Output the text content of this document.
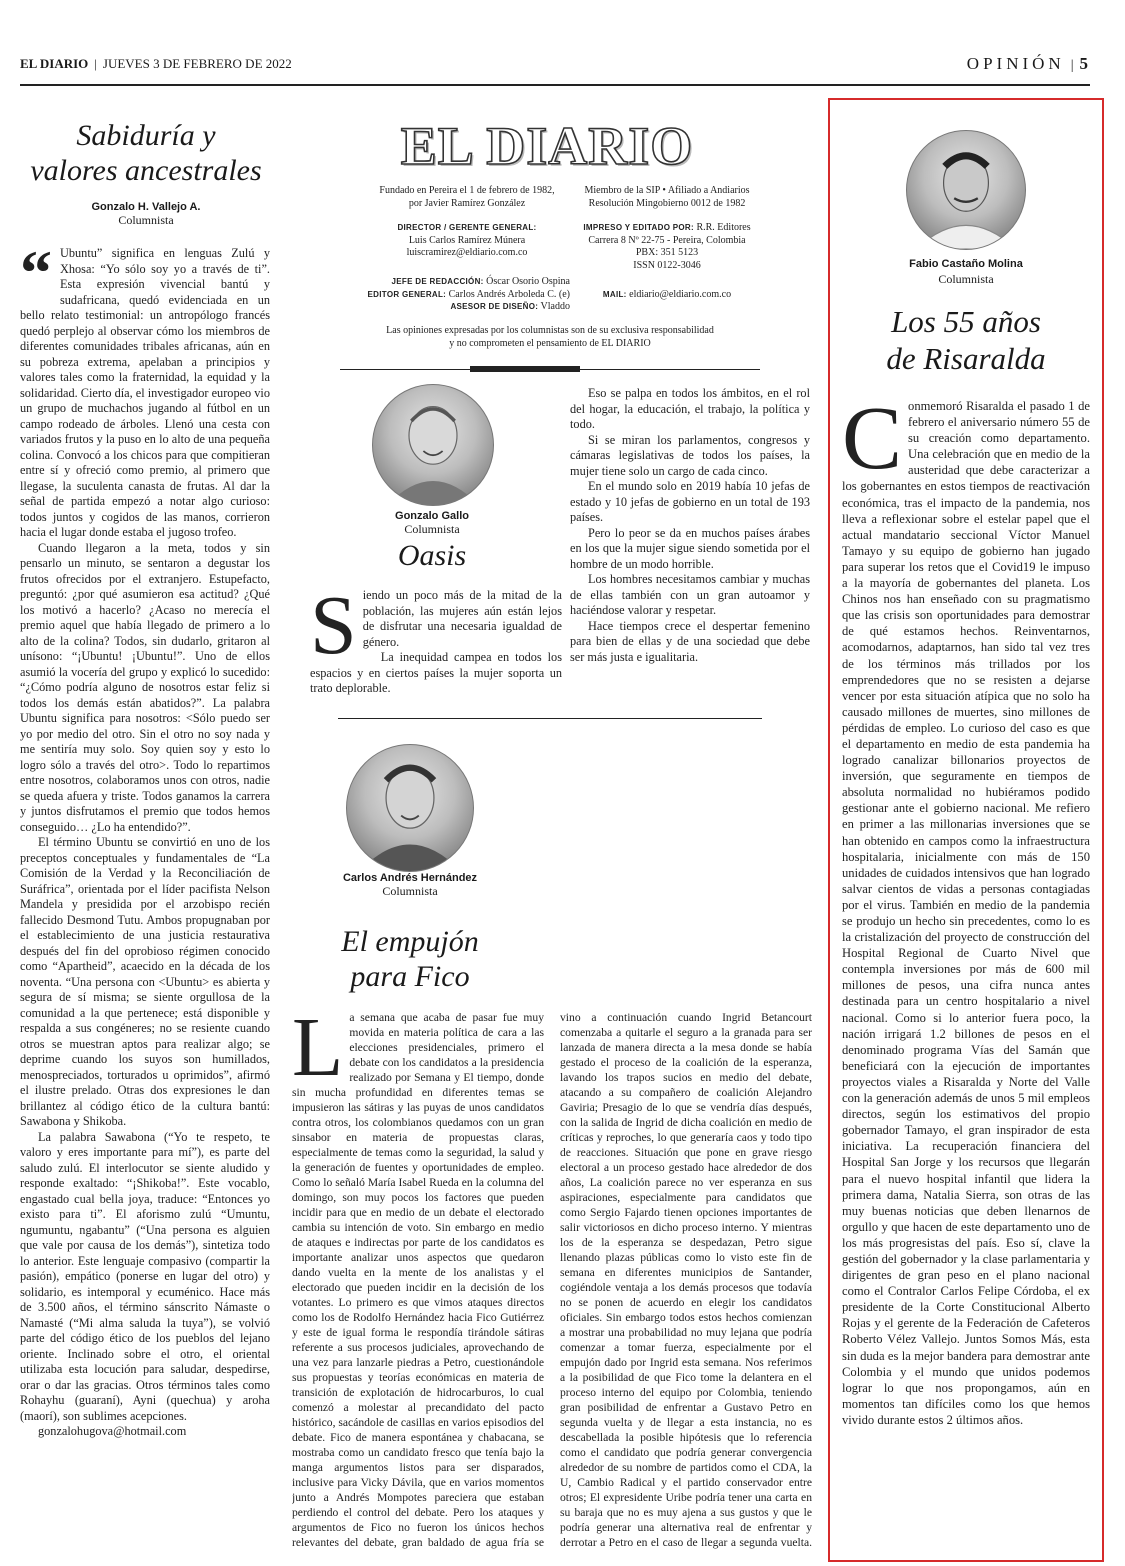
EL DIARIO | JUEVES 3 DE FEBRERO DE 2022	OPINIÓN | 5
Sabiduría y
valores ancestrales
Gonzalo H. Vallejo A.
Columnista

“ Ubuntu” significa en lenguas Zulú y Xhosa: “Yo sólo soy yo a través de ti”. Esta expresión vivencial bantú y sudafricana, quedó evidenciada en un bello relato testimonial: un antropólogo francés quedó perplejo al observar cómo los miembros de diferentes comunidades tribales africanas, aún en su pobreza extrema, apelaban a principios y valores tales como la fraternidad, la equidad y la solidaridad. Cierto día, el investigador europeo vio un grupo de muchachos jugando al fútbol en un campo rodeado de árboles. Llenó una cesta con variados frutos y la puso en lo alto de una pequeña colina. Convocó a los chicos para que compitieran entre sí y ofreció como premio, al primero que llegase, la suculenta canasta de frutas. Al dar la señal de partida empezó a notar algo curioso: todos juntos y cogidos de las manos, corrieron hacia el lugar donde estaba el jugoso trofeo.

Cuando llegaron a la meta, todos y sin pensarlo un minuto, se sentaron a degustar los frutos ofrecidos por el extranjero. Estupefacto, preguntó: ¿por qué asumieron esa actitud? ¿Qué los motivó a hacerlo? ¿Acaso no merecía el premio aquel que había llegado de primero a lo alto de la colina? Todos, sin dudarlo, gritaron al unísono: “¡Ubuntu! ¡Ubuntu!”. Uno de ellos asumió la vocería del grupo y explicó lo sucedido: “¿Cómo podría alguno de nosotros estar feliz si todos los demás están abatidos?”. La palabra Ubuntu significa para nosotros: <Sólo puedo ser yo por medio del otro. Sin el otro no soy nada y me sentiría muy solo. Soy quien soy y esto lo logro sólo a través del otro>. Todo lo repartimos entre nosotros, colaboramos unos con otros, nadie se queda afuera y triste. Todos ganamos la carrera y juntos disfrutamos el premio que todos hemos conseguido… ¿Lo ha entendido?”.

El término Ubuntu se convirtió en uno de los preceptos conceptuales y fundamentales de “La Comisión de la Verdad y la Reconciliación de Suráfrica”, orientada por el líder pacifista Nelson Mandela y presidida por el arzobispo recién fallecido Desmond Tutu. Ambos propugnaban por el establecimiento de una justicia restaurativa después del fin del oprobioso régimen conocido como “Apartheid”, acaecido en la década de los noventa. “Una persona con <Ubuntu> es abierta y segura de sí misma; se siente orgullosa de la comunidad a la que pertenece; está disponible y respalda a sus congéneres; no se resiente cuando otros se muestran aptos para realizar algo; se deprime cuando los suyos son humillados, menospreciados, torturados u oprimidos”, afirmó el ilustre prelado. Otras dos expresiones le dan brillantez al código ético de la cultura bantú: Sawabona y Shikoba.

La palabra Sawabona (“Yo te respeto, te valoro y eres importante para mí”), es parte del saludo zulú. El interlocutor se siente aludido y responde exaltado: “¡Shikoba!”. Este vocablo, engastado cual bella joya, traduce: “Entonces yo existo para ti”. El aforismo zulú “Umuntu, ngumuntu, ngabantu” (“Una persona es alguien que vale por causa de los demás”), sintetiza todo lo anterior. Este lenguaje compasivo (compartir la pasión), empático (ponerse en lugar del otro) y solidario, es intemporal y ecuménico. Hace más de 3.500 años, el término sánscrito Námaste o Namasté (“Mi alma saluda la tuya”), se volvió parte del código ético de los pueblos del lejano oriente. Inclinado sobre el otro, el oriental utilizaba esta locución para saludar, despedirse, orar o dar las gracias. Otros términos tales como Rohayhu (guaraní), Ayni (quechua) y aroha (maorí), son sublimes acepciones.

gonzalohugova@hotmail.com

EL DIARIO
Fundado en Pereira el 1 de febrero de 1982, por Javier Ramírez González
Miembro de la SIP • Afiliado a Andiarios Resolución Mingobierno 0012 de 1982
DIRECTOR / GERENTE GENERAL:
Luis Carlos Ramírez Múnera
luiscramirez@eldiario.com.co
IMPRESO Y EDITADO POR: R.R. Editores
Carrera 8 Nº 22-75 - Pereira, Colombia
PBX: 351 5123
ISSN 0122-3046
JEFE DE REDACCIÓN: Óscar Osorio Ospina
EDITOR GENERAL: Carlos Andrés Arboleda C. (e)
ASESOR DE DISEÑO: Vladdo
MAIL: eldiario@eldiario.com.co
Las opiniones expresadas por los columnistas son de su exclusiva responsabilidad
y no comprometen el pensamiento de EL DIARIO
Gonzalo Gallo
Columnista
Oasis

Siendo un poco más de la mitad de la población, las mujeres aún están lejos de disfrutar una necesaria igualdad de género.

La inequidad campea en todos los espacios y en ciertos países la mujer soporta un trato deplorable.

Eso se palpa en todos los ámbitos, en el rol del hogar, la educación, el trabajo, la política y todo.

Si se miran los parlamentos, congresos y cámaras legislativas de todos los países, la mujer tiene solo un cargo de cada cinco.

En el mundo solo en 2019 había 10 jefas de estado y 10 jefas de gobierno en un total de 193 países.

Pero lo peor se da en muchos países árabes en los que la mujer sigue siendo sometida por el hombre de un modo horrible.

Los hombres necesitamos cambiar y muchas de ellas también con un gran autoamor y haciéndose valorar y respetar.

Hace tiempos crece el despertar femenino para bien de ellas y de una sociedad que debe ser más justa e igualitaria.

Carlos Andrés Hernández
Columnista
El empujón
para Fico

La semana que acaba de pasar fue muy movida en materia política de cara a las elecciones presidenciales, primero el debate con los candidatos a la presidencia realizado por Semana y El tiempo, donde sin mucha profundidad en diferentes temas se impusieron las sátiras y las puyas de unos candidatos contra otros, los colombianos quedamos con un gran sinsabor en materia de propuestas claras, especialmente de temas como la seguridad, la salud y la generación de fuentes y oportunidades de empleo. Como lo señaló María Isabel Rueda en la columna del domingo, son muy pocos los factores que pueden incidir para que en medio de un debate el electorado cambia su intención de voto. Sin embargo en medio de ataques e indirectas por parte de los candidatos es importante analizar unos aspectos que quedaron dando vuelta en la mente de los analistas y el electorado que pueden incidir en la decisión de los votantes. Lo primero es que vimos ataques directos como los de Rodolfo Hernández hacia Fico Gutiérrez y este de igual forma le respondía tirándole sátiras referente a sus procesos judiciales, aprovechando de una vez para lanzarle piedras a Petro, cuestionándole sus propuestas y teorías económicas en materia de transición de explotación de hidrocarburos, lo cual comenzó a molestar al precandidato del pacto histórico, sacándole de casillas en varios episodios del debate. Fico de manera espontánea y chabacana, se mostraba como un candidato fresco que tenía bajo la manga argumentos listos para ser disparados, inclusive para Vicky Dávila, que en varios momentos junto a Andrés Mompotes pareciera que estaban perdiendo el control del debate. Pero los ataques y argumentos de Fico no fueron los únicos hechos relevantes del debate, gran baldado de agua fría se vino a continuación cuando Ingrid Betancourt comenzaba a quitarle el seguro a la granada para ser lanzada de manera directa a la mesa donde se había gestado el proceso de la coalición de la esperanza, lavando los trapos sucios en medio del debate, atacando a su compañero de coalición Alejandro Gaviria; Presagio de lo que se vendría días después, con la salida de Ingrid de dicha coalición en medio de críticas y reproches, lo que generaría caos y todo tipo de reacciones. Situación que pone en grave riesgo electoral a un proceso gestado hace alrededor de dos años, La coalición parece no ver esperanza en sus aspiraciones, especialmente para candidatos que como Sergio Fajardo tienen opciones importantes de salir victoriosos en dicho proceso interno. Y mientras los de la esperanza se despedazan, Petro sigue llenando plazas públicas como lo visto este fin de semana en diferentes municipios de Santander, cogiéndole ventaja a los demás procesos que todavía no se ponen de acuerdo en elegir los candidatos oficiales. Sin embargo todos estos hechos comienzan a mostrar una probabilidad no muy lejana que podría comenzar a tomar fuerza, especialmente por el empujón dado por Ingrid esta semana. Nos referimos a la posibilidad de que Fico tome la delantera en el proceso interno del equipo por Colombia, teniendo gran posibilidad de enfrentar a Gustavo Petro en segunda vuelta y de llegar a esta instancia, no es descabellada la posible hipótesis que lo referencia como el candidato que podría generar convergencia alrededor de su nombre de partidos como el CDA, la U, Cambio Radical y el partido conservador entre otros; El expresidente Uribe podría tener una carta en su baraja que no es muy ajena a sus gustos y que le podría generar una alternativa real de enfrentar y derrotar a Petro en el caso de llegar a segunda vuelta.

Fabio Castaño Molina
Columnista
Los 55 años
de Risaralda

Conmemoró Risaralda el pasado 1 de febrero el aniversario número 55 de su creación como departamento. Una celebración que en medio de la austeridad que debe caracterizar a los gobernantes en estos tiempos de reactivación económica, tras el impacto de la pandemia, nos lleva a reflexionar sobre el estelar papel que el actual mandatario seccional Víctor Manuel Tamayo y su equipo de gobierno han jugado para superar los retos que el Covid19 le impuso a la mayoría de gobernantes del planeta. Los Chinos nos han enseñado con su pragmatismo que las crisis son oportunidades para demostrar de qué estamos hechos. Reinventarnos, acomodarnos, adaptarnos, han sido tal vez tres de los términos más trillados por los emprendedores que no se resisten a dejarse vencer por esta situación atípica que no solo ha causado millones de muertes, sino millones de pérdidas de empleo. Lo curioso del caso es que el departamento en medio de esta pandemia ha logrado canalizar billonarios proyectos de inversión, que seguramente en tiempos de absoluta normalidad no hubiéramos podido gestionar ante el gobierno nacional. Me refiero en primer a las millonarias inversiones que se han obtenido en campos como la infraestructura hospitalaria, inicialmente con más de 150 unidades de cuidados intensivos que han logrado salvar cientos de vidas a personas contagiadas por el virus. También en medio de la pandemia se produjo un hecho sin precedentes, como lo es la cristalización del proyecto de construcción del Hospital Regional de Cuarto Nivel que contempla inversiones por más de 600 mil millones de pesos, una cifra nunca antes destinada para un centro hospitalario a nivel nacional. Como si lo anterior fuera poco, la nación irrigará 1.2 billones de pesos en el denominado programa Vías del Samán que beneficiará con la ejecución de importantes proyectos viales a Risaralda y Norte del Valle con la generación además de unos 5 mil empleos directos, según los estimativos del propio gobernador Tamayo, el gran inspirador de esta iniciativa. La recuperación financiera del Hospital San Jorge y los recursos que llegarán para el nuevo hospital infantil que lidera la primera dama, Natalia Sierra, son otras de las muy buenas noticias que deben llenarnos de orgullo y que hacen de este departamento uno de los más progresistas del país. Eso sí, clave la gestión del gobernador y la clase parlamentaria y dirigentes de gran peso en el plano nacional como el Contralor Carlos Felipe Córdoba, el ex presidente de la Corte Constitucional Alberto Rojas y el gerente de la Federación de Cafeteros Roberto Vélez Vallejo. Juntos Somos Más, esta sin duda es la mejor bandera para demostrar ante Colombia y el mundo que unidos podemos lograr lo que nos propongamos, aún en momentos tan difíciles como los que hemos vivido durante estos 2 últimos años.
